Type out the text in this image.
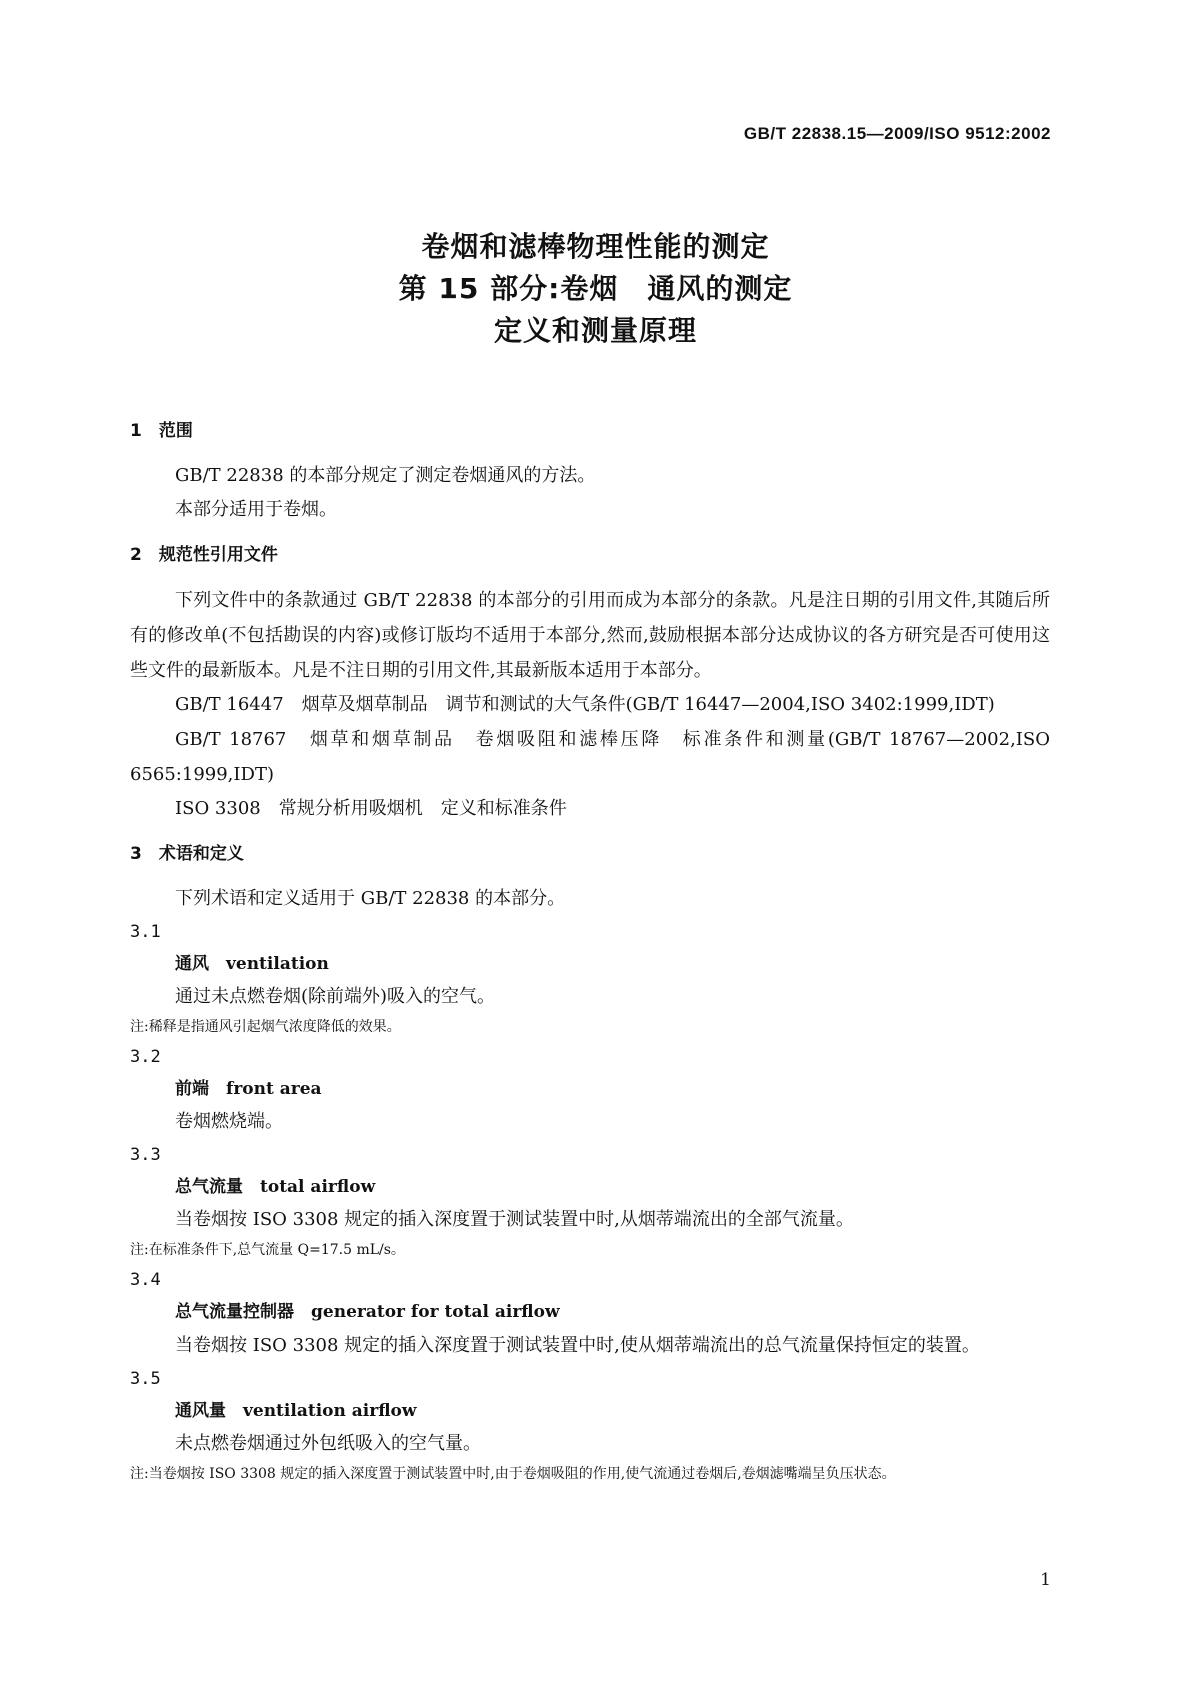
GB/T 22838.15—2009/ISO 9512:2002
卷烟和滤棒物理性能的测定
第 15 部分:卷烟　通风的测定
定义和测量原理
1　范围
GB/T 22838 的本部分规定了测定卷烟通风的方法。
本部分适用于卷烟。
2　规范性引用文件
下列文件中的条款通过 GB/T 22838 的本部分的引用而成为本部分的条款。凡是注日期的引用文件,其随后所有的修改单(不包括勘误的内容)或修订版均不适用于本部分,然而,鼓励根据本部分达成协议的各方研究是否可使用这些文件的最新版本。凡是不注日期的引用文件,其最新版本适用于本部分。
GB/T 16447　烟草及烟草制品　调节和测试的大气条件(GB/T 16447—2004,ISO 3402:1999,IDT)
GB/T 18767　烟草和烟草制品　卷烟吸阻和滤棒压降　标准条件和测量(GB/T 18767—2002,ISO 6565:1999,IDT)
ISO 3308　常规分析用吸烟机　定义和标准条件
3　术语和定义
下列术语和定义适用于 GB/T 22838 的本部分。
3.1
通风　 ventilation
通过未点燃卷烟(除前端外)吸入的空气。
注:稀释是指通风引起烟气浓度降低的效果。
3.2
前端　 front area
卷烟燃烧端。
3.3
总气流量　 total airflow
当卷烟按 ISO 3308 规定的插入深度置于测试装置中时,从烟蒂端流出的全部气流量。
注:在标准条件下,总气流量 Q=17.5 mL/s。
3.4
总气流量控制器　 generator for total airflow
当卷烟按 ISO 3308 规定的插入深度置于测试装置中时,使从烟蒂端流出的总气流量保持恒定的装置。
3.5
通风量　 ventilation airflow
未点燃卷烟通过外包纸吸入的空气量。
注:当卷烟按 ISO 3308 规定的插入深度置于测试装置中时,由于卷烟吸阻的作用,使气流通过卷烟后,卷烟滤嘴端呈负压状态。
1
